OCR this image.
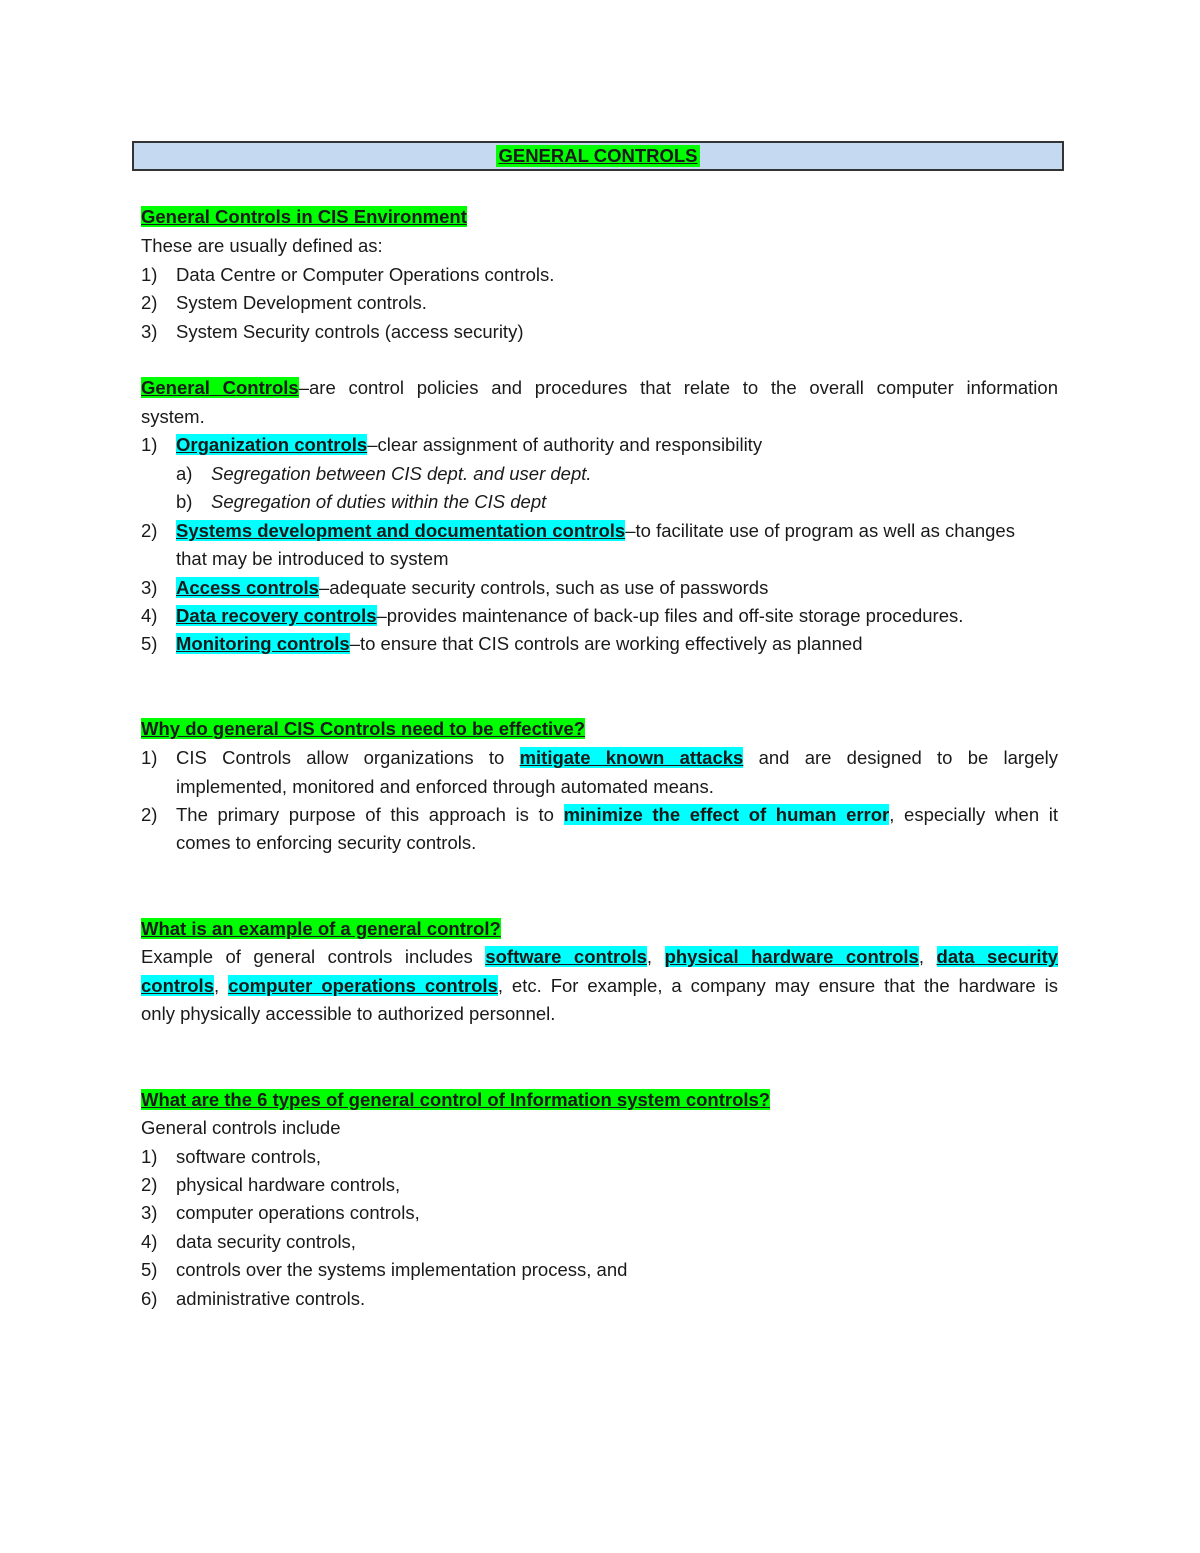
GENERAL CONTROLS
General Controls in CIS Environment
These are usually defined as:
1) Data Centre or Computer Operations controls.
2) System Development controls.
3) System Security controls (access security)
General Controls–are control policies and procedures that relate to the overall computer information
system.
1) Organization controls–clear assignment of authority and responsibility
a) Segregation between CIS dept. and user dept.
b) Segregation of duties within the CIS dept
2) Systems development and documentation controls–to facilitate use of program as well as changes
that may be introduced to system
3) Access controls–adequate security controls, such as use of passwords
4) Data recovery controls–provides maintenance of back-up files and off-site storage procedures.
5) Monitoring controls–to ensure that CIS controls are working effectively as planned
Why do general CIS Controls need to be effective?
1) CIS Controls allow organizations to mitigate known attacks and are designed to be largely
implemented, monitored and enforced through automated means.
2) The primary purpose of this approach is to minimize the effect of human error, especially when it
comes to enforcing security controls.
What is an example of a general control?
Example of general controls includes software controls, physical hardware controls, data security
controls, computer operations controls, etc. For example, a company may ensure that the hardware is
only physically accessible to authorized personnel.
What are the 6 types of general control of Information system controls?
General controls include
1) software controls,
2) physical hardware controls,
3) computer operations controls,
4) data security controls,
5) controls over the systems implementation process, and
6) administrative controls.
